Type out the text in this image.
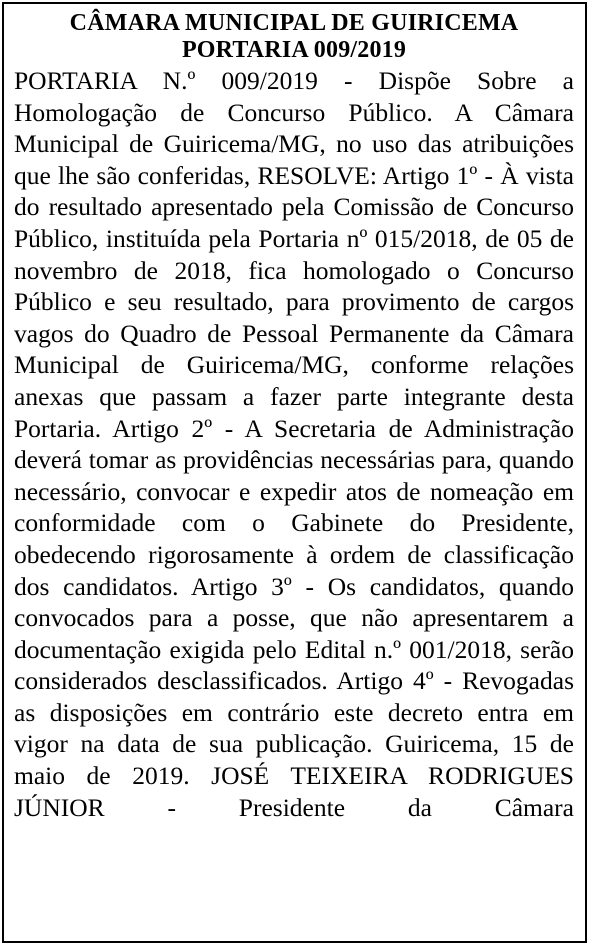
CÂMARA MUNICIPAL DE GUIRICEMA
PORTARIA 009/2019
PORTARIA N.º 009/2019 - Dispõe Sobre a Homologação de Concurso Público. A Câmara Municipal de Guiricema/MG, no uso das atribuições que lhe são conferidas, RESOLVE: Artigo 1º - À vista do resultado apresentado pela Comissão de Concurso Público, instituída pela Portaria nº 015/2018, de 05 de novembro de 2018, fica homologado o Concurso Público e seu resultado, para provimento de cargos vagos do Quadro de Pessoal Permanente da Câmara Municipal de Guiricema/MG, conforme relações anexas que passam a fazer parte integrante desta Portaria. Artigo 2º - A Secretaria de Administração deverá tomar as providências necessárias para, quando necessário, convocar e expedir atos de nomeação em conformidade com o Gabinete do Presidente, obedecendo rigorosamente à ordem de classificação dos candidatos. Artigo 3º - Os candidatos, quando convocados para a posse, que não apresentarem a documentação exigida pelo Edital n.º 001/2018, serão considerados desclassificados. Artigo 4º - Revogadas as disposições em contrário este decreto entra em vigor na data de sua publicação. Guiricema, 15 de maio de 2019. JOSÉ TEIXEIRA RODRIGUES JÚNIOR - Presidente da Câmara
